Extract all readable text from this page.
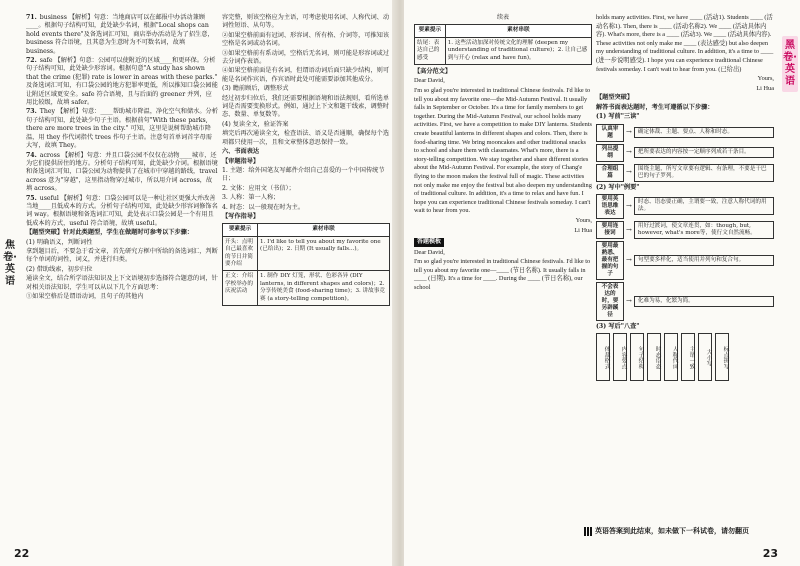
焦卷·英语

71. business 【解析】句意：当地商店可以在邮报中办活动兼顾____。根据句子结构可知，此处缺少名词，根据"Local shops can hold events there"及备选词汇可知，商店举办活动是为了招生意，business 符合语境，且其意为生意时为不可数名词，故填 business。

72. safe 【解析】句意：公园可以使附近的区域____和更环保。分析句子结构可知，此处缺少形容词。根据句意"A study has shown that the crime (犯罪) rate is lower in areas with these parks." 及备选词汇可知，有口袋公园的地方犯罪率更低，所以推知口袋公园能让附近区域更安全。safe 符合语境，且与后面的 greener 并列，应用比较级，故填 safer。

73. They 【解析】句意：____帮助城市降温，净化空气和储水。分析句子结构可知，此处缺少句子主语。根据前句"With these parks, there are more trees in the city." 可知，这里是说树帮助城市降温，用 they 作代词指代 trees 作句子主语。注意句首单词首字母需大写，故填 They。

74. across 【解析】句意：并且口袋公园不仅仅在动物____城市，还为它们提供居住的地方。分析句子结构可知，此处缺少介词。根据语境和备选词汇可知，口袋公园为动物提供了在城市中穿越的路线，travel across 意为"穿越"，这里指动物穿过城市，所以用介词 across，故填 across。

75. useful 【解析】句意：口袋公园可以是一种让社区更强大并改善当地____且低成本的方式。分析句子结构可知，此处缺少形容词修饰名词 way。根据语境和备选词汇可知，此处表示口袋公园是一个有用且低成本的方式，useful 符合语境，故填 useful。

【题型突破】针对此类题型，学生在做题时可参考以下步骤：

(1) 明确语义，判断词性

拿到题目后，不要急于看文章，首先研究方框中所给的备选词汇，判断每个单词的词性，词义，并进行归类。

(2) 借助线索，初步归位

通读全文，结合所学语法知识及上下文语境初步选择符合题意的词，针对相关语法知识，学生可以从以下几个方面思考：

①如果空格后是谓语动词，且句子的其他内

容完整，则该空格应为主语，可考虑使用名词、人称代词、动词性短语、从句等。

②如果空格前面有冠词、形容词、所有格、介词等，可推知该空格是名词或动名词。

③如果空格前有系动词，空格后无名词，则可能是形容词或过去分词作表语。

④如果空格前面是有名词，但谓语动词后面只缺少结构，则可能是名词作宾语，作宾语时此处可能需要添加其他成分。

(3) 瞻前顾后，调整形式

经过初步归位后，我们还需要根据语境和语法规则，看所选单词是否需要变换形式。例如，通过上下文和题干线索，调整时态、数量、单复数等。

(4) 复读全文，验证答案

填完后再次通读全文，检查语法、语义是否通顺，确保每个选项都只使用一次，且和文章整体意思保持一致。

六、书面表达

【审题指导】

1. 主题：给外国笔友写邮件介绍自己喜爱的一个中国传统节日；

2. 文体：应用文（书信）；

3. 人称：第一人称；

4. 时态：以一般现在时为主。

【写作指导】

要素提示	素材串联
开头：点明自己最喜欢的节日并简要介绍	1. I'd like to tell you about my favorite one (已给出)；2. 日期 (It usually falls...)。
正文：介绍学校举办的庆祝活动	1. 制作 DIY 灯笼，形状、色彩各异 (DIY lanterns, in different shapes and colors)；2. 分享传统美食 (food-sharing time)；3. 讲故事竞赛 (a story-telling competition)。
22
黑卷·英语

续表

要素提示	素材串联
结尾：表达自己的感受	1. 这些活动加深对传统文化的理解 (deepen my understanding of traditional culture)；2. 让自己感到与开心 (relax and have fun)。

【高分范文】

Dear David,

I'm so glad you're interested in traditional Chinese festivals. I'd like to tell you about my favorite one—the Mid-Autumn Festival. It usually falls in September or October. It's a time for family members to get together. During the Mid-Autumn Festival, our school holds many activities. First, we have a competition to make DIY lanterns. Students create beautiful lanterns in different shapes and colors. Then, there is food-sharing time. We bring mooncakes and other traditional snacks to school and share them with classmates. What's more, there is a story-telling competition. We stay together and share different stories about the Mid-Autumn Festival. For example, the story of Chang'e flying to the moon makes the festival full of magic. These activities not only make me enjoy the festival but also deepen my understanding of traditional culture. In addition, it's a time to relax and have fun. I hope you can experience traditional Chinese festivals someday. I can't wait to hear from you.

Yours,

Li Hua

答题模板

Dear David,

I'm so glad you're interested in traditional Chinese festivals. I'd like to tell you about my favorite one—____ (节日名称). It usually falls in ____ (日期). It's a time for ____. During the ____ (节日名称), our school

holds many activities. First, we have ____ (活动1). Students ____ (活动名称1). Then, there is ____ (活动名称2). We ____ (活动具体内容). What's more, there is a ____ (活动3). We ____ (活动具体内容). These activities not only make me ____ (表达感受) but also deepen my understanding of traditional culture. In addition, it's a time to ____ (进一步说明感受). I hope you can experience traditional Chinese festivals someday. I can't wait to hear from you. (已给出)

Yours,

Li Hua

【题型突破】

解答书面表达题时，考生可遵循以下步骤：

(1) 写前"三读"

认真审题	→	确定体裁、主题、要点、人称和时态。
列出提纲	→	把所要表达的内容按一定顺序列成若干条目。
合理组篇	→	围绕主题，所写文章要有逻辑、有条理，不要是干巴巴的句子罗列。

(2) 写中"例要"

要用英语思维表达
→	时态、语态要正确，主谓要一致，注意人称代词的用法。
要用连接词	→	用好过渡词，使文章连贯，如：though, but, however, what's more等，使行文自然流畅。
要用最熟悉、最有把握的句子
→	句型要多样化，适当使用并列句和复合句。
不会表达的时，要另辟蹊径
→	化难为易，化繁为简。

(3) 写后"八查"

体裁格式	内容要点	句子结构	时态语态	人称代词	主谓一致	大小写	标点拼写
英语答案到此结束，如未做下一科试卷，请勿翻页
23
